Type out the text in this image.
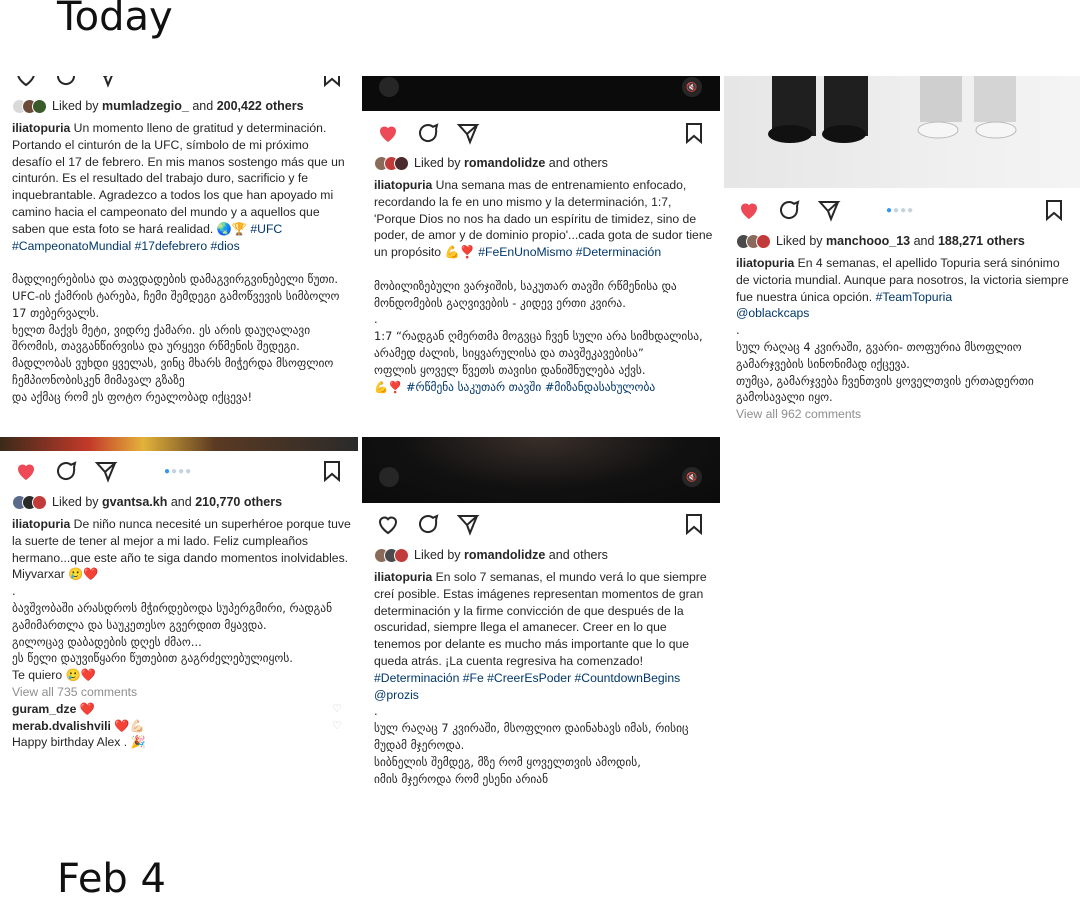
Today
Feb 4
Liked by mumladzegio_ and 200,422 others

iliatopuria Un momento lleno de gratitud y determinación. Portando el cinturón de la UFC, símbolo de mi próximo desafío el 17 de febrero. En mis manos sostengo más que un cinturón. Es el resultado del trabajo duro, sacrificio y fe inquebrantable. Agradezco a todos los que han apoyado mi camino hacia el campeonato del mundo y a aquellos que saben que esta foto se hará realidad. 🌏🏆 #UFC #CampeonatoMundial #17defebrero #dios

მადლიერებისა და თავდადების დამაგვირგვინებელი წუთი.

UFC-ის ქამრის ტარება, ჩემი შემდეგი გამოწვევის სიმბოლო 17 თებერვალს.

ხელთ მაქვს მეტი, ვიდრე ქამარი. ეს არის დაუღალავი შრომის, თავგანწირვისა და ურყევი რწმენის შედეგი.

მადლობას ვუხდი ყველას, ვინც მხარს მიჭერდა მსოფლიო ჩემპიონობისკენ მიმავალ გზაზე

და აქმაც რომ ეს ფოტო რეალობად იქცევა!

🔇
Liked by romandolidze and others

iliatopuria Una semana mas de entrenamiento enfocado, recordando la fe en uno mismo y la determinación, 1:7, 'Porque Dios no nos ha dado un espíritu de timidez, sino de poder, de amor y de dominio propio'...cada gota de sudor tiene un propósito 💪❣️ #FeEnUnoMismo #Determinación

მობილიზებული ვარჯიშის, საკუთარ თავში რწმენისა და მონდომების გაღვივების - კიდევ ერთი კვირა.

.

1:7 “რადგან ღმერთმა მოგვცა ჩვენ სული არა სიმხდალისა, არამედ ძალის, სიყვარულისა და თავშეკავებისა”

ოფლის ყოველ წვეთს თავისი დანიშნულება აქვს.

💪❣️ #რწმენა საკუთარ თავში #მიზანდასახულობა

●●●●
Liked by manchooo_13 and 188,271 others

iliatopuria En 4 semanas, el apellido Topuria será sinónimo de victoria mundial. Aunque para nosotros, la victoria siempre fue nuestra única opción. #TeamTopuria

@oblackcaps

.

სულ რაღაც 4 კვირაში, გვარი- თოფურია მსოფლიო გამარჯვების სინონიმად იქცევა.

თუმცა, გამარჯვება ჩვენთვის ყოველთვის ერთადერთი გამოსავალი იყო.

View all 962 comments

●●●●
Liked by gvantsa.kh and 210,770 others

iliatopuria De niño nunca necesité un superhéroe porque tuve la suerte de tener al mejor a mi lado. Feliz cumpleaños hermano...que este año te siga dando momentos inolvidables. Miyvarxar 🥲❤️

.

ბავშვობაში არასდროს მჭირდებოდა სუპერგმირი, რადგან გამიმართლა და საუკეთესო გვერდით მყავდა.

გილოცავ დაბადების დღეს ძმაო...

ეს წელი დაუვიწყარი წუთებით გაგრძელებულიყოს.

Te quiero 🥲❤️

View all 735 comments

guram_dze ❤️	♡

merab.dvalishvili ❤️💪🏻	♡

Happy birthday Alex . 🎉

🔇
Liked by romandolidze and others

iliatopuria En solo 7 semanas, el mundo verá lo que siempre creí posible. Estas imágenes representan momentos de gran determinación y la firme convicción de que después de la oscuridad, siempre llega el amanecer. Creer en lo que tenemos por delante es mucho más importante que lo que queda atrás. ¡La cuenta regresiva ha comenzado! #Determinación #Fe #CreerEsPoder #CountdownBegins

@prozis

.

სულ რაღაც 7 კვირაში, მსოფლიო დაინახავს იმას, რისიც მუდამ მჯეროდა.

სიბნელის შემდეგ, მზე რომ ყოველთვის ამოდის,

იმის მჯეროდა რომ ესენი არიან
